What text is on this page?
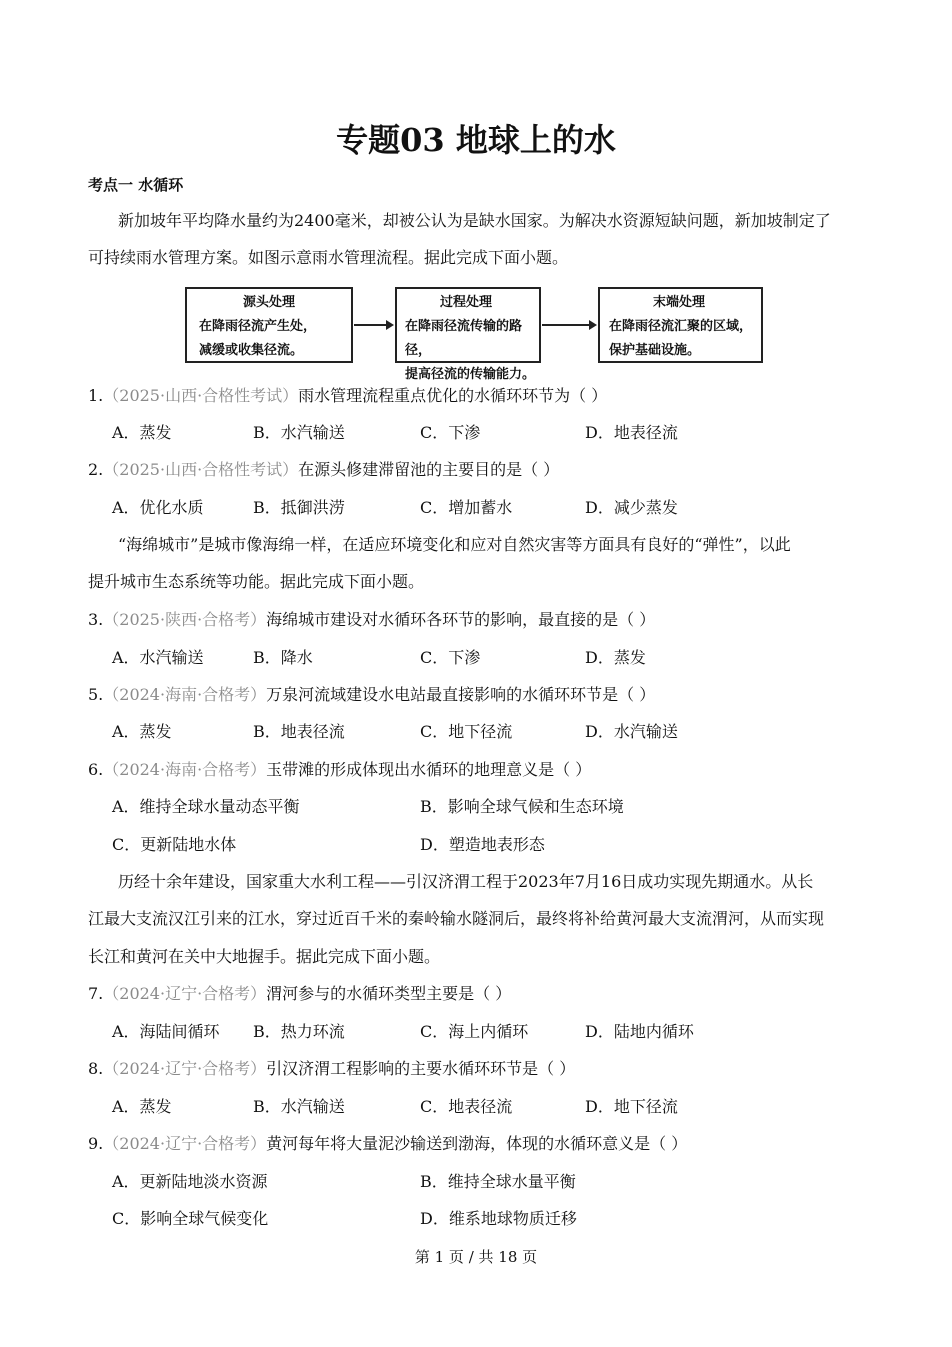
专题03 地球上的水
考点一 水循环
源头处理
在降雨径流产生处，
减缓或收集径流。
过程处理
在降雨径流传输的路径，
提高径流的传输能力。
末端处理
在降雨径流汇聚的区域，
保护基础设施。
第 1 页 / 共 18 页
新加坡年平均降水量约为2400毫米，却被公认为是缺水国家。为解决水资源短缺问题，新加坡制定了
可持续雨水管理方案。如图示意雨水管理流程。据此完成下面小题。
1.（2025·山西·合格性考试）雨水管理流程重点优化的水循环环节为（ ）
A．蒸发	B．水汽输送	C．下渗	D．地表径流
2.（2025·山西·合格性考试）在源头修建滞留池的主要目的是（ ）
A．优化水质	B．抵御洪涝	C．增加蓄水	D．减少蒸发
“海绵城市”是城市像海绵一样，在适应环境变化和应对自然灾害等方面具有良好的“弹性”，以此
提升城市生态系统等功能。据此完成下面小题。
3.（2025·陕西·合格考）海绵城市建设对水循环各环节的影响，最直接的是（ ）
A．水汽输送	B．降水	C．下渗	D．蒸发
5.（2024·海南·合格考）万泉河流域建设水电站最直接影响的水循环环节是（ ）
A．蒸发	B．地表径流	C．地下径流	D．水汽输送
6.（2024·海南·合格考）玉带滩的形成体现出水循环的地理意义是（ ）
A．维持全球水量动态平衡	B．影响全球气候和生态环境
C．更新陆地水体	D．塑造地表形态
历经十余年建设，国家重大水利工程——引汉济渭工程于2023年7月16日成功实现先期通水。从长
江最大支流汉江引来的江水，穿过近百千米的秦岭输水隧洞后，最终将补给黄河最大支流渭河，从而实现
长江和黄河在关中大地握手。据此完成下面小题。
7.（2024·辽宁·合格考）渭河参与的水循环类型主要是（ ）
A．海陆间循环 B．热力环流	C．海上内循环	D．陆地内循环
8.（2024·辽宁·合格考）引汉济渭工程影响的主要水循环环节是（ ）
A．蒸发	B．水汽输送	C．地表径流	D．地下径流
9.（2024·辽宁·合格考）黄河每年将大量泥沙输送到渤海，体现的水循环意义是（ ）
A．更新陆地淡水资源	B．维持全球水量平衡
C．影响全球气候变化	D．维系地球物质迁移
